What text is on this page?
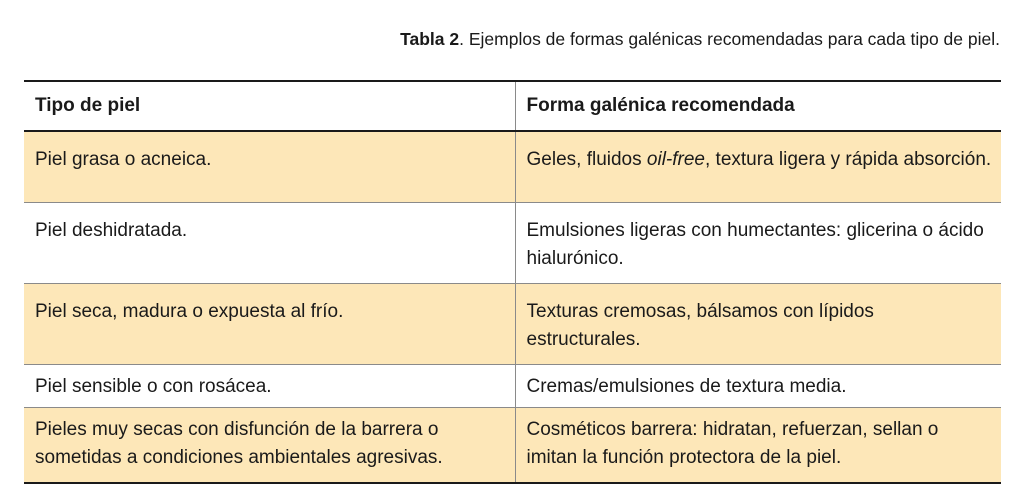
Tabla 2. Ejemplos de formas galénicas recomendadas para cada tipo de piel.
Tipo de piel	Forma galénica recomendada
Piel grasa o acneica.	Geles, fluidos oil-free, textura ligera y rápida absorción.
Piel deshidratada.	Emulsiones ligeras con humectantes: glicerina o ácido hialurónico.
Piel seca, madura o expuesta al frío.	Texturas cremosas, bálsamos con lípidos estructurales.
Piel sensible o con rosácea.	Cremas/emulsiones de textura media.
Pieles muy secas con disfunción de la barrera o sometidas a condiciones ambientales agresivas.	Cosméticos barrera: hidratan, refuerzan, sellan o imitan la función protectora de la piel.
